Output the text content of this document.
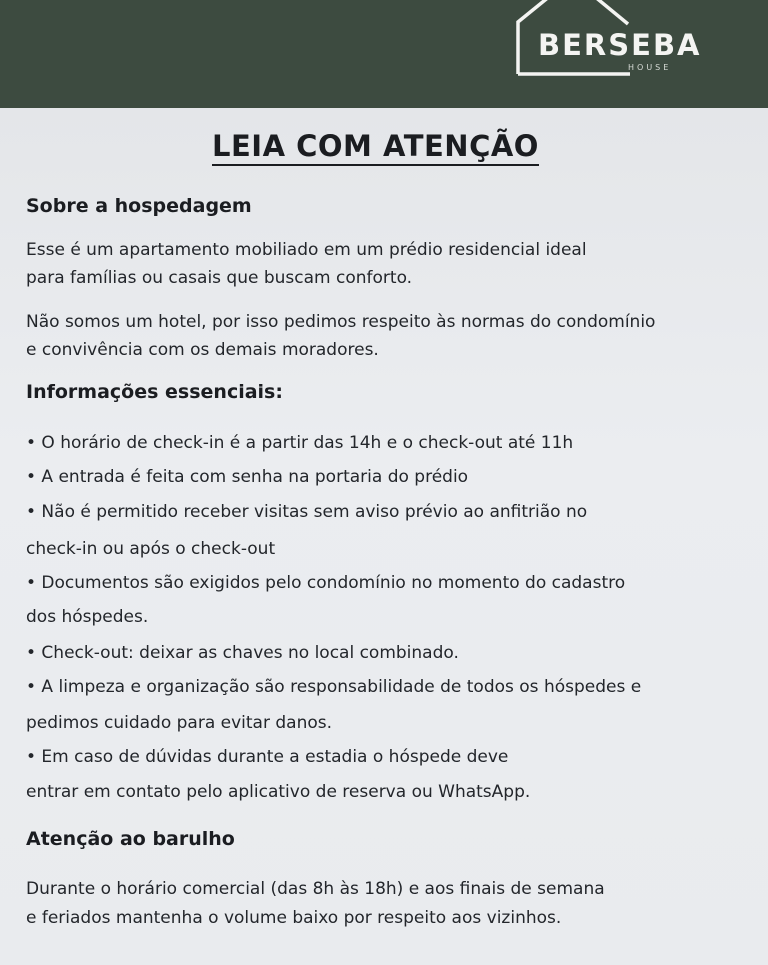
BERSEBA
HOUSE
LEIA COM ATENÇÃO
Sobre a hospedagem
Esse é um apartamento mobiliado em um prédio residencial ideal
para famílias ou casais que buscam conforto.
Não somos um hotel, por isso pedimos respeito às normas do condomínio
e convivência com os demais moradores.
Informações essenciais:
• O horário de check-in é a partir das 14h e o check-out até 11h
• A entrada é feita com senha na portaria do prédio
• Não é permitido receber visitas sem aviso prévio ao anfitrião no
check-in ou após o check-out
• Documentos são exigidos pelo condomínio no momento do cadastro
dos hóspedes.
• Check-out: deixar as chaves no local combinado.
• A limpeza e organização são responsabilidade de todos os hóspedes e
pedimos cuidado para evitar danos.
• Em caso de dúvidas durante a estadia o hóspede deve
entrar em contato pelo aplicativo de reserva ou WhatsApp.
Atenção ao barulho
Durante o horário comercial (das 8h às 18h) e aos finais de semana
e feriados mantenha o volume baixo por respeito aos vizinhos.
